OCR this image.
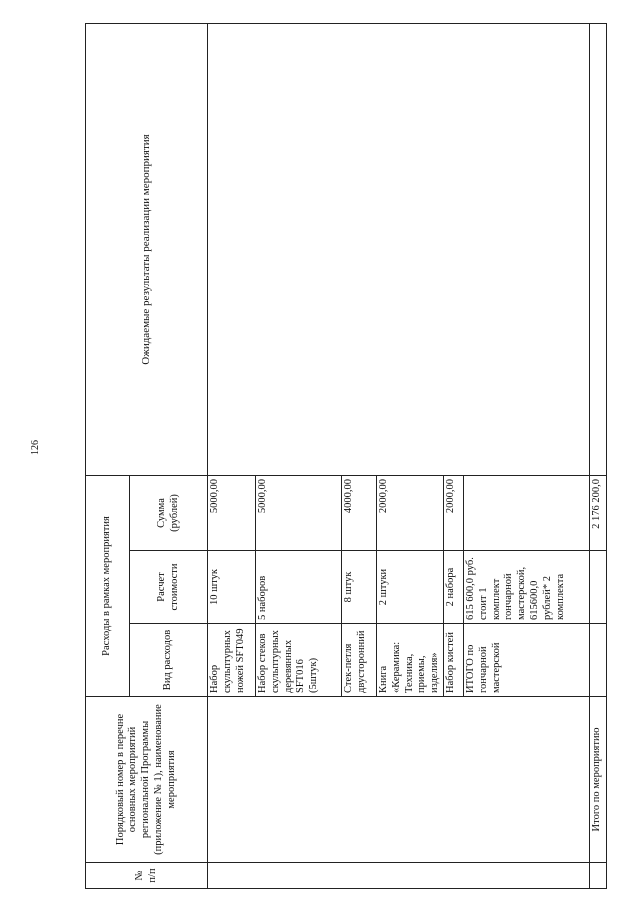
126
№ п/п	Порядковый номер в перечне основных мероприятий региональной Программы (приложение № 1), наименование мероприятия	Расходы в рамках мероприятия			Ожидаемые результаты реализации мероприятия
		Вид расходов	Расчет стоимости	Сумма (рублей)	
		Набор скульптурных ножей SFT049	10 штук	5000,00	
		Набор стеков скульптурных деревянных SFT016 (5штук)	5 наборов	5000,00	
		Стек-петля двусторонний	8 штук	4000,00	
		Книга «Керамика: Техника, приемы, изделия»	2 штуки	2000,00	
		Набор кистей	2 набора	2000,00	
		ИТОГО по гончарной мастерской	615 600,0 руб. стоит 1 комплект гончарной мастерской, 615600,0 рублей* 2 комплекта		
	Итого по мероприятию			2 176 200,0	
